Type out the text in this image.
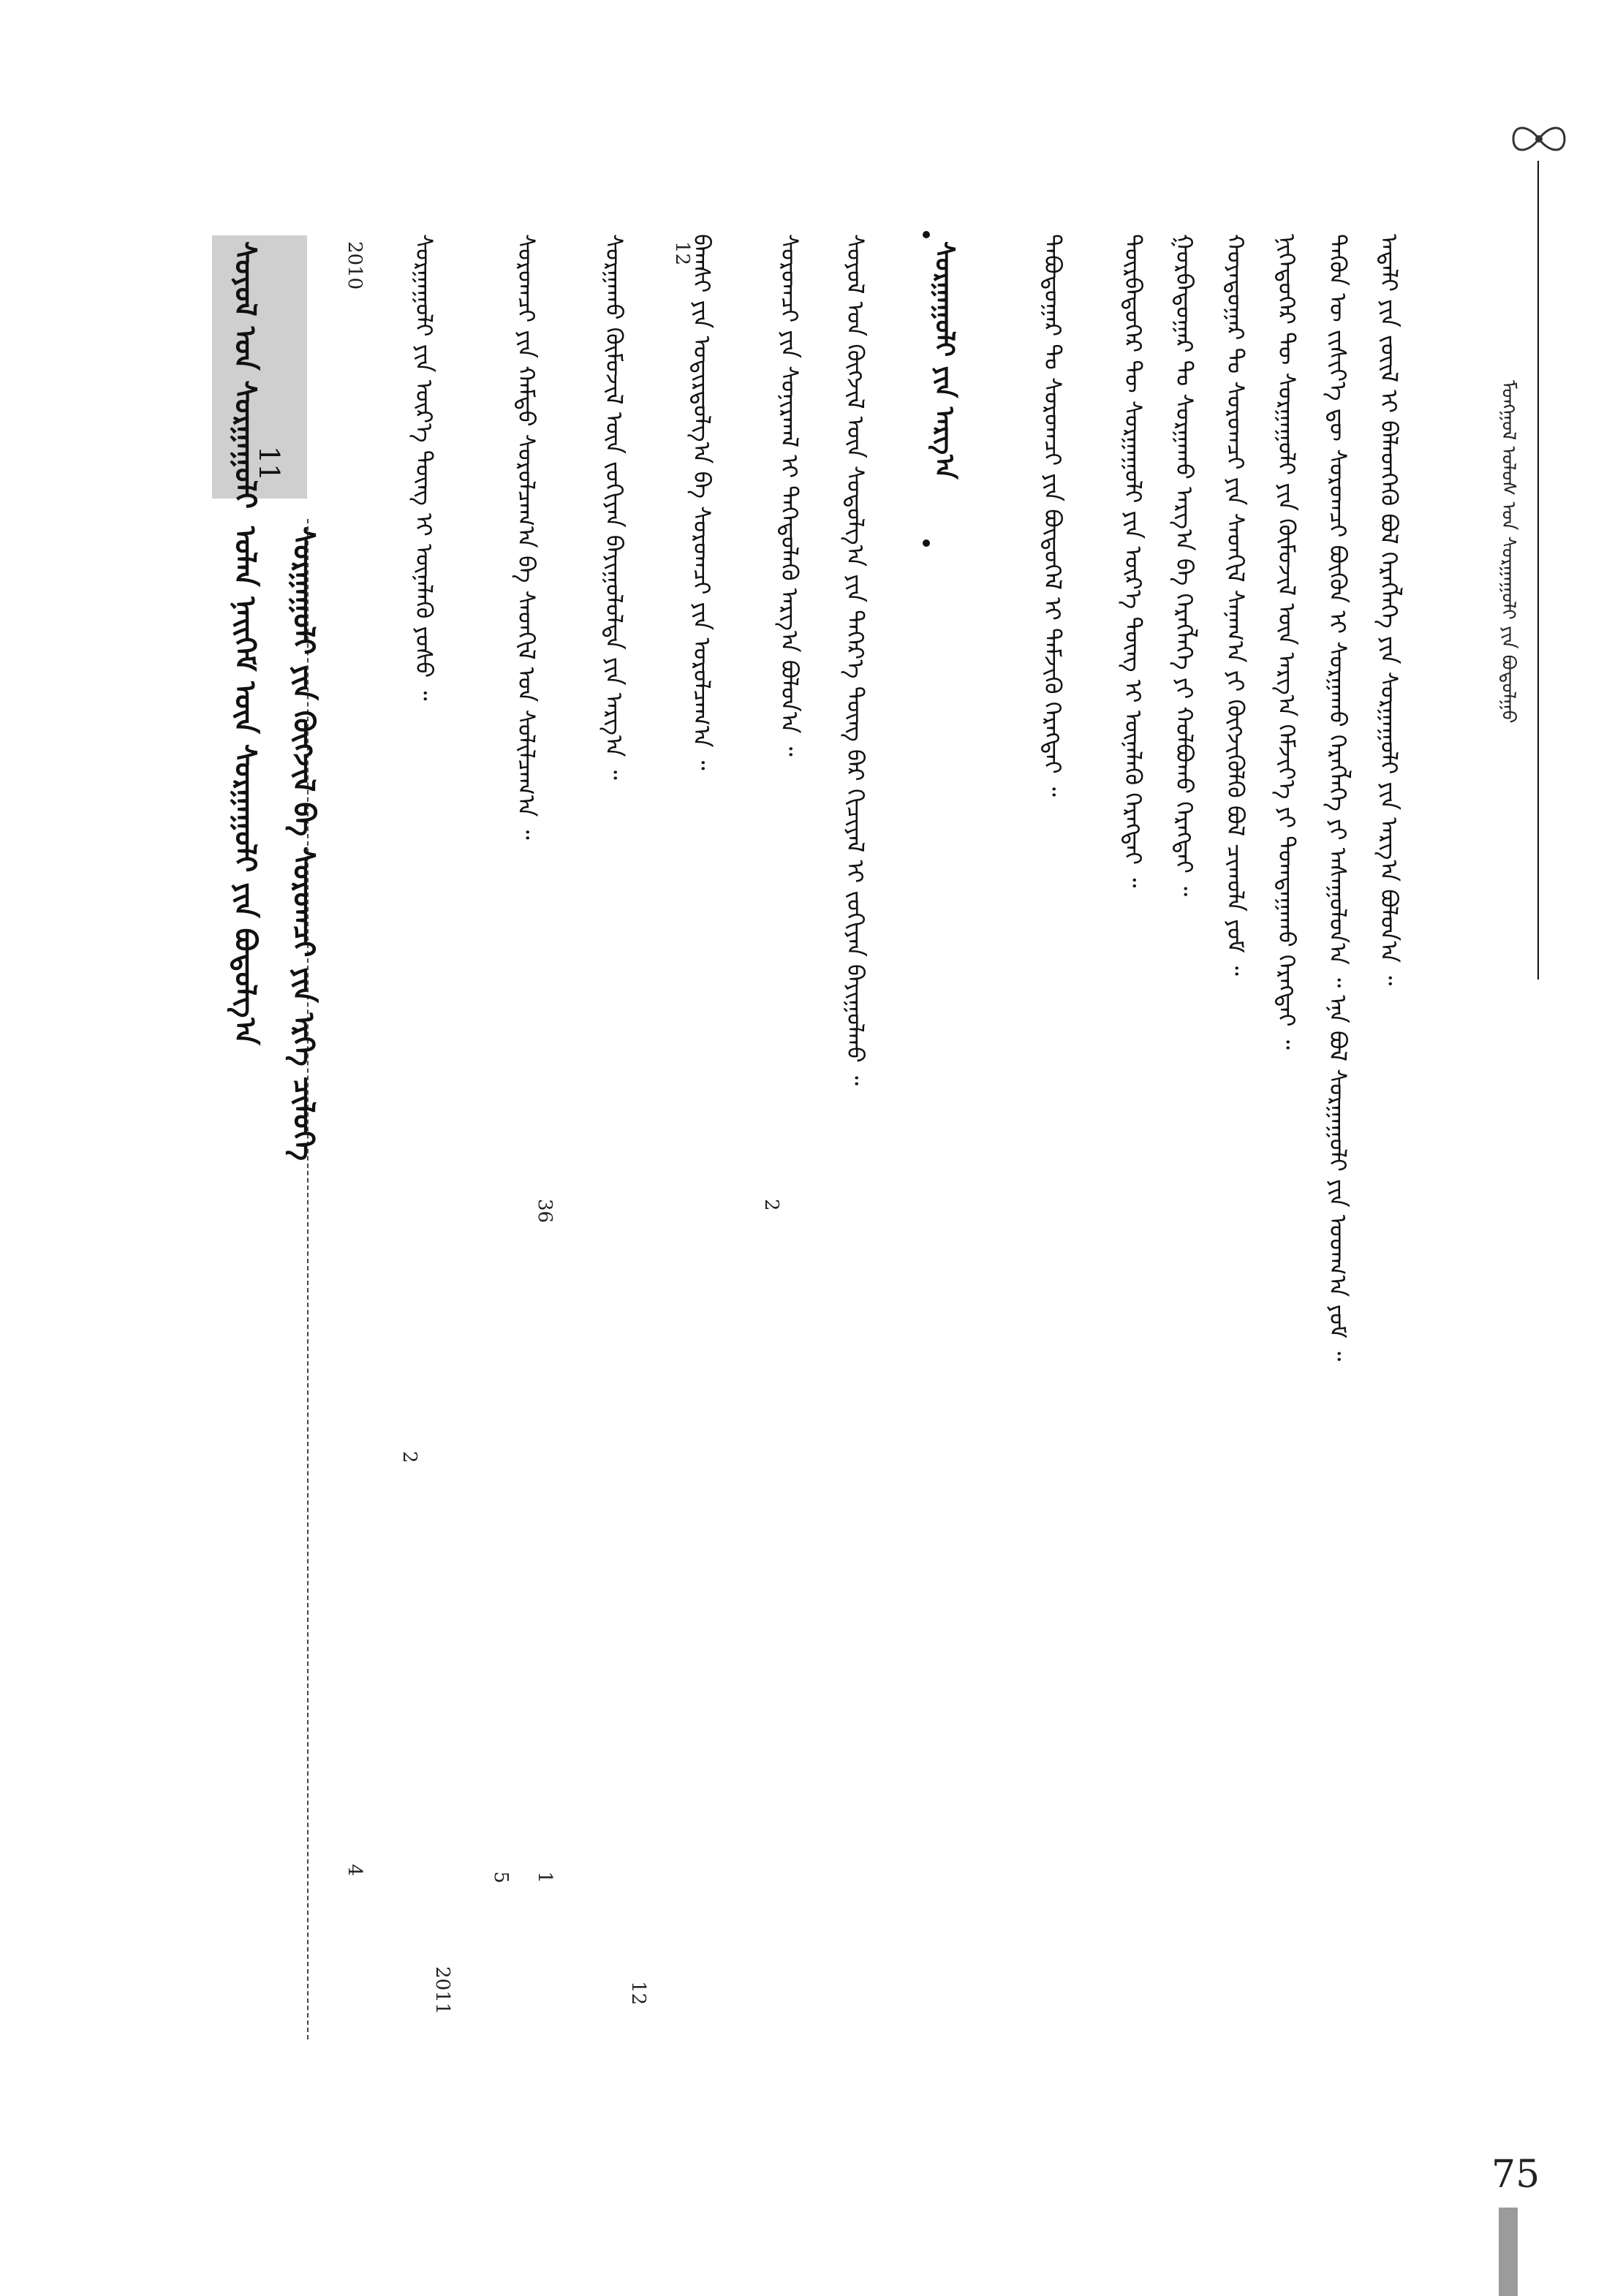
ᠮᠣᠩᠭᠣᠯ ᠤᠯᠤᠰ ᠤᠨ ᠰᠤᠷᠭᠠᠭᠤᠯᠢ ᠶᠢᠨ ᠪᠣᠳᠣᠯᠭᠣ
ᠠᠳᠠᠯᠢ ᠶᠢᠨ ᠵᠦᠢᠯ ᠢ ᠪᠡᠯᠡᠳᠬᠡᠬᠦ ᠪᠣᠯ ᠬᠡᠷᠡᠭᠯᠡᠭᠡ ᠶᠢᠨ ᠰᠤᠷᠭᠠᠭᠤᠯᠢ ᠶᠢᠨ ᠠᠷᠭ᠎ᠠ ᠪᠣᠯᠤᠨ᠎ᠠ ᠃
ᠲᠡᠭᠦᠨ ᠦ ᠵᠢᠱᠢᠶ᠎ᠡ ᠳᠦ ᠰᠤᠷᠤᠭᠴᠢ ᠪᠦᠬᠦᠨ ᠢ ᠰᠤᠷᠭᠠᠬᠤ ᠬᠡᠷᠡᠭᠯᠡᠭᠡ ᠶᠢ ᠠᠰᠠᠭᠤᠯᠤᠨ᠎ᠠ ᠃ ᠡᠨᠡ ᠪᠣᠯ ᠰᠤᠷᠭᠠᠭᠤᠯᠢ ᠶᠢᠨ ᠤᠳᠬ᠎ᠠ ᠶᠤᠮ ᠃
ᠨᠢᠭᠡᠳᠦᠭᠡᠷ ᠲᠦ ᠰᠤᠷᠭᠠᠭᠤᠯᠢ ᠶᠢᠨ ᠬᠦᠮᠦᠵᠢᠯ ᠦᠨ ᠠᠷᠭ᠎ᠠ ᠬᠡᠮᠵᠢᠶ᠎ᠡ ᠶᠢ ᠲᠣᠭᠲᠠᠭᠠᠬᠤ ᠬᠡᠷᠡᠭᠲᠡᠢ ᠃
ᠬᠣᠶᠠᠳᠤᠭᠠᠷ ᠲᠤ ᠰᠤᠷᠤᠭᠴᠢ ᠶᠢᠨ ᠰᠡᠳᠬᠢᠯ ᠰᠠᠨᠠᠭ᠎ᠠ ᠶᠢ ᠬᠥᠭᠵᠢᠭᠦᠯᠬᠦ ᠪᠣᠯ ᠴᠢᠬᠤᠯᠠ ᠶᠤᠮ ᠃
ᠭᠤᠷᠪᠠᠳᠤᠭᠠᠷ ᠲᠤ ᠰᠤᠷᠭᠠᠬᠤ ᠠᠷᠭ᠎ᠠ ᠪᠠ ᠬᠡᠷᠡᠭᠯᠡᠭᠡ ᠶᠢ ᠬᠣᠯᠪᠣᠬᠤ ᠬᠡᠷᠡᠭᠲᠡᠢ ᠃
ᠳᠥᠷᠪᠡᠳᠦᠭᠡᠷ ᠲᠦ ᠰᠤᠷᠭᠠᠭᠤᠯᠢ ᠶᠢᠨ ᠦᠷ᠎ᠡ ᠳᠦᠩ ᠢ ᠦᠨᠡᠯᠡᠬᠦ ᠬᠡᠷᠡᠭᠲᠡᠢ ᠃
ᠲᠠᠪᠤᠳᠤᠭᠠᠷ ᠲᠤ ᠰᠤᠷᠤᠭᠴᠢ ᠶᠢᠨ ᠪᠦᠲᠦᠭᠡᠯ ᠢ ᠳᠡᠮᠵᠢᠬᠦ ᠬᠡᠷᠡᠭᠲᠡᠢ ᠃
ᠰᠤᠷᠭᠠᠭᠤᠯᠢ ᠶᠢᠨ ᠠᠷᠭ᠎ᠠ
ᠰᠣᠶᠣᠯ ᠤᠨ ᠬᠥᠭᠵᠢᠯ ᠦᠨ ᠰᠤᠳᠤᠯᠭ᠎ᠠ ᠶᠢᠨ ᠳᠡᠭᠡᠷ᠎ᠡ ᠳᠦᠩ ᠪᠡᠷ ᠬᠢᠴᠢᠶᠡᠯ ᠢ ᠵᠣᠬᠢᠶᠠᠨ ᠪᠠᠶᠢᠭᠤᠯᠬᠤ ᠃
ᠰᠤᠷᠤᠭᠴᠢ ᠶᠢᠨ ᠰᠣᠨᠢᠷᠬᠠᠯ ᠢ ᠳᠡᠭᠡᠳᠦᠯᠡᠬᠦ ᠠᠷᠭ᠎ᠠ ᠪᠣᠯᠤᠨ᠎ᠠ ᠃
ᠪᠠᠭᠰᠢ ᠶᠢᠨ ᠤᠳᠢᠷᠳᠤᠯᠭ᠎ᠠ ᠪᠠ ᠰᠤᠷᠤᠭᠴᠢ ᠶᠢᠨ ᠣᠷᠣᠯᠴᠠᠭ᠎ᠠ ᠃
ᠰᠤᠷᠭᠠᠬᠤ ᠬᠦᠮᠦᠵᠢᠯ ᠦᠨ ᠵᠣᠬᠢᠶᠠᠨ ᠪᠠᠶᠢᠭᠤᠯᠤᠯᠲᠠ ᠶᠢᠨ ᠠᠷᠭ᠎ᠠ ᠃
ᠰᠤᠷᠤᠭᠴᠢ ᠶᠢᠨ ᠬᠠᠮᠲᠤ ᠰᠤᠷᠤᠯᠴᠠᠭ᠎ᠠ ᠪᠠ ᠰᠡᠳᠬᠢᠯ ᠤᠨ ᠰᠣᠯᠢᠯᠴᠠᠭ᠎ᠠ ᠃
ᠰᠤᠷᠭᠠᠭᠤᠯᠢ ᠶᠢᠨ ᠦᠷ᠎ᠡ ᠳᠦᠩ ᠢ ᠦᠨᠡᠯᠡᠬᠦ ᠶᠣᠰᠣ ᠃
12
12
2
36
2
1
5
2010
4
2011
ᠰᠣᠶᠣᠯ ᠤᠨ ᠰᠤᠷᠭᠠᠭᠤᠯᠢ
11
ᠰᠤᠷᠭᠠᠭᠤᠯᠢ ᠶᠢᠨ ᠬᠥᠭᠵᠢᠯ ᠪᠠ ᠰᠤᠷᠤᠭᠴᠢ ᠶᠢᠨ ᠡᠷᠬᠡ ᠴᠢᠯᠦᠭᠡ
ᠣᠯᠠᠨ ᠨᠡᠢᠭᠡᠮ ᠦᠨ ᠰᠤᠷᠭᠠᠭᠤᠯᠢ ᠶᠢᠨ ᠪᠣᠳᠣᠯᠭ᠎ᠠ
75
